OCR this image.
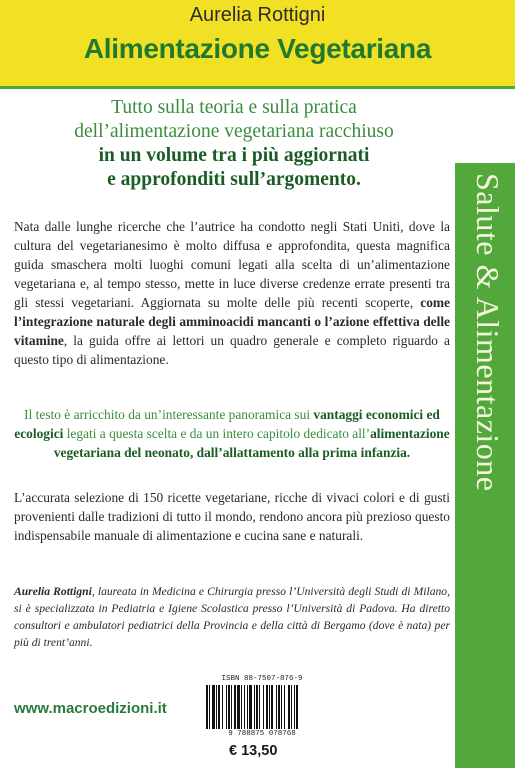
Aurelia Rottigni
Alimentazione Vegetariana
Tutto sulla teoria e sulla pratica
dell’alimentazione vegetariana racchiuso
in un volume tra i più aggiornati
e approfonditi sull’argomento.	Salute & Alimentazione
Nata dalle lunghe ricerche che l’autrice ha condotto negli Stati Uniti, dove la cultura del vegetarianesimo è molto diffusa e approfondita, questa magnifica guida smaschera molti luoghi comuni legati alla scelta di un’alimentazione vegetariana e, al tempo stesso, mette in luce diverse credenze errate presenti tra gli stessi vegetariani. Aggiornata su molte delle più recenti scoperte, come l’integrazione naturale degli amminoacidi mancanti o l’azione effettiva delle vitamine, la guida offre ai lettori un quadro generale e completo riguardo a questo tipo di alimentazione.
Il testo è arricchito da un’interessante panoramica sui vantaggi economici ed ecologici legati a questa scelta e da un intero capitolo dedicato all’alimentazione vegetariana del neonato, dall’allattamento alla prima infanzia.
L’accurata selezione di 150 ricette vegetariane, ricche di vivaci colori e di gusti provenienti dalle tradizioni di tutto il mondo, rendono ancora più prezioso questo indispensabile manuale di alimentazione e cucina sane e naturali.
Aurelia Rottigni, laureata in Medicina e Chirurgia presso l’Università degli Studi di Milano, si è specializzata in Pediatria e Igiene Scolastica presso l’Università di Padova. Ha diretto consultori e ambulatori pediatrici della Provincia e della città di Bergamo (dove è nata) per più di trent’anni.
ISBN 88-7507-876-9
9 788875 078768
www.macroedizioni.it
€ 13,50
